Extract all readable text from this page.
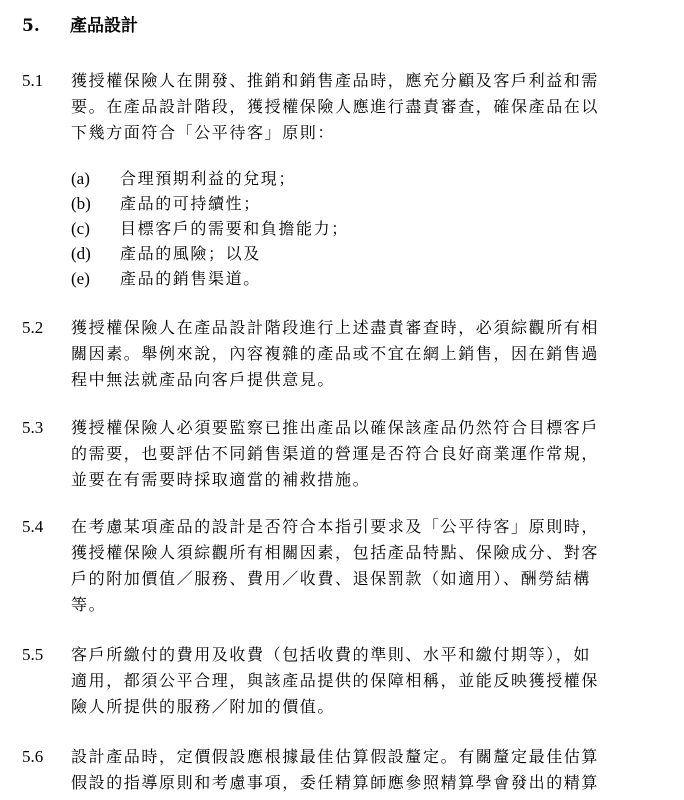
5. 產品設計
5.1 獲授權保險人在開發、推銷和銷售產品時，應充分顧及客戶利益和需
要。在產品設計階段，獲授權保險人應進行盡責審查，確保產品在以
下幾方面符合「公平待客」原則：
(a)	合理預期利益的兌現；
(b)	產品的可持續性；
(c)	目標客戶的需要和負擔能力；
(d)	產品的風險；以及
(e)	產品的銷售渠道。
5.2 獲授權保險人在產品設計階段進行上述盡責審查時，必須綜觀所有相
關因素。舉例來說，內容複雜的產品或不宜在網上銷售，因在銷售過
程中無法就產品向客戶提供意見。
5.3 獲授權保險人必須要監察已推出產品以確保該產品仍然符合目標客戶
的需要，也要評估不同銷售渠道的營運是否符合良好商業運作常規，
並要在有需要時採取適當的補救措施。
5.4 在考慮某項產品的設計是否符合本指引要求及「公平待客」原則時，
獲授權保險人須綜觀所有相關因素，包括產品特點、保險成分、對客
戶的附加價值／服務、費用／收費、退保罰款（如適用）、酬勞結構
等。
5.5 客戶所繳付的費用及收費（包括收費的準則、水平和繳付期等），如
適用，都須公平合理，與該產品提供的保障相稱，並能反映獲授權保
險人所提供的服務／附加的價值。
5.6 設計產品時，定價假設應根據最佳估算假設釐定。有關釐定最佳估算
假設的指導原則和考慮事項，委任精算師應參照精算學會發出的精算
